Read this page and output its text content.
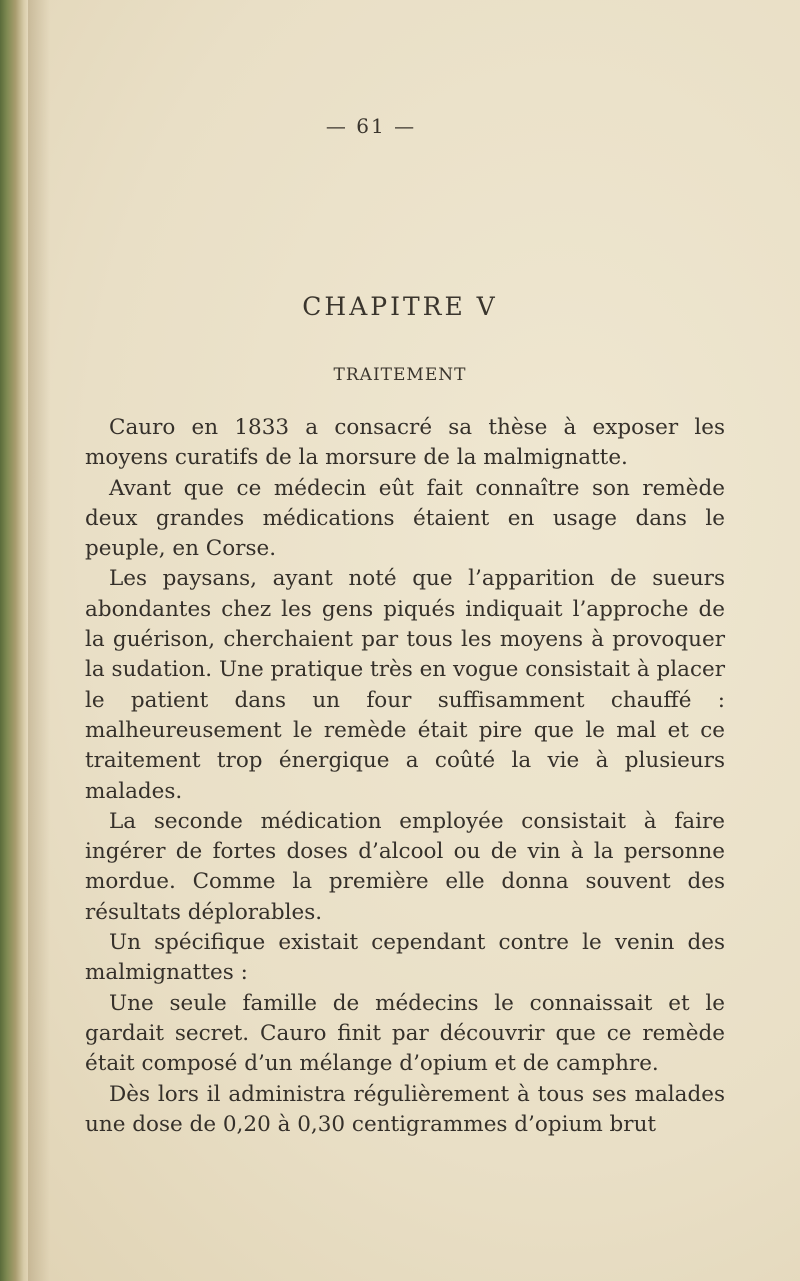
— 61 —
CHAPITRE V
TRAITEMENT

Cauro en 1833 a consacré sa thèse à exposer les moyens curatifs de la morsure de la malmignatte.

Avant que ce médecin eût fait connaître son remède deux grandes médications étaient en usage dans le peuple, en Corse.

Les paysans, ayant noté que l’apparition de sueurs abondantes chez les gens piqués indiquait l’approche de la guérison, cherchaient par tous les moyens à provoquer la sudation. Une pratique très en vogue consistait à placer le patient dans un four suffisamment chauffé : malheureusement le remède était pire que le mal et ce traitement trop énergique a coûté la vie à plusieurs malades.

La seconde médication employée consistait à faire ingérer de fortes doses d’alcool ou de vin à la personne mordue. Comme la première elle donna souvent des résultats déplorables.

Un spécifique existait cependant contre le venin des malmignattes :

Une seule famille de médecins le connaissait et le gardait secret. Cauro finit par découvrir que ce remède était composé d’un mélange d’opium et de camphre.

Dès lors il administra régulièrement à tous ses malades une dose de 0,20 à 0,30 centigrammes d’opium brut
